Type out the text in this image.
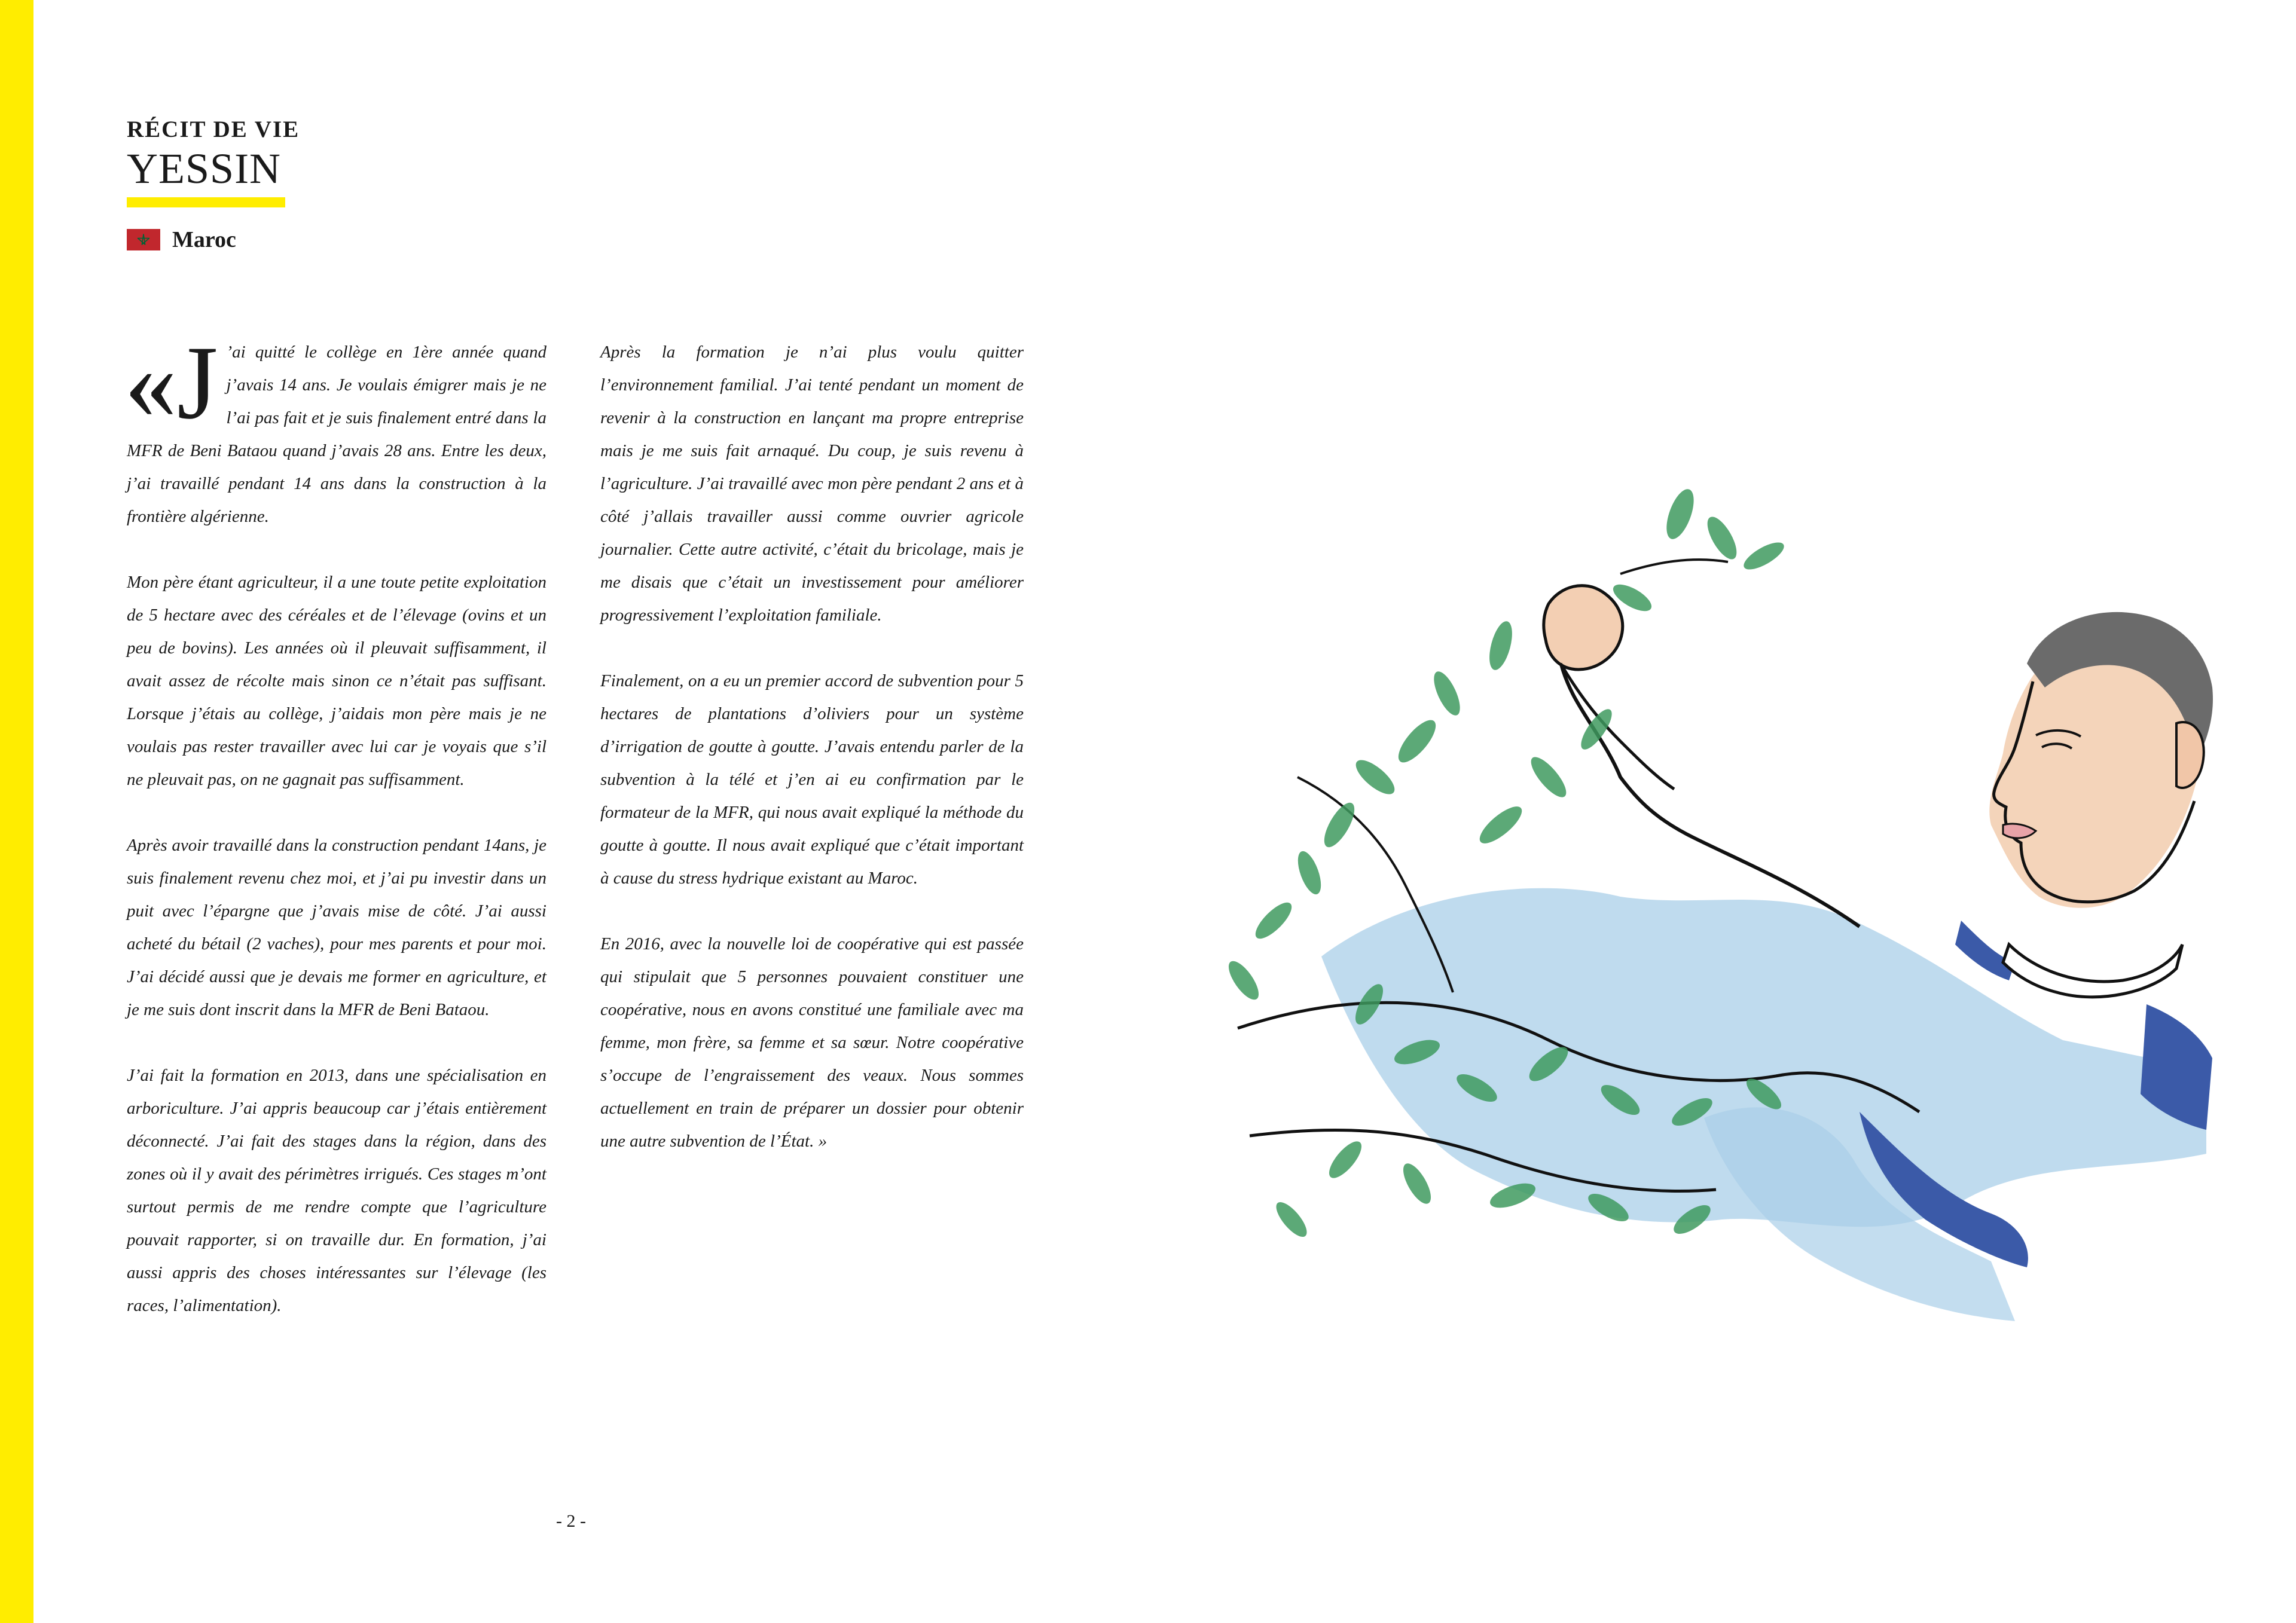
RÉCIT DE VIE

YESSIN
Maroc

«J ’ai quitté le collège en 1ère année quand j’avais 14 ans. Je voulais émigrer mais je ne l’ai pas fait et je suis finalement entré dans la MFR de Beni Bataou quand j’avais 28 ans. Entre les deux, j’ai travaillé pendant 14 ans dans la construction à la frontière algérienne.

Mon père étant agriculteur, il a une toute petite exploitation de 5 hectare avec des céréales et de l’élevage (ovins et un peu de bovins). Les années où il pleuvait suffisamment, il avait assez de récolte mais sinon ce n’était pas suffisant. Lorsque j’étais au collège, j’aidais mon père mais je ne voulais pas rester travailler avec lui car je voyais que s’il ne pleuvait pas, on ne gagnait pas suffisamment.

Après avoir travaillé dans la construction pendant 14ans, je suis finalement revenu chez moi, et j’ai pu investir dans un puit avec l’épargne que j’avais mise de côté. J’ai aussi acheté du bétail (2 vaches), pour mes parents et pour moi. J’ai décidé aussi que je devais me former en agriculture, et je me suis dont inscrit dans la MFR de Beni Bataou.

J’ai fait la formation en 2013, dans une spécialisation en arboriculture. J’ai appris beaucoup car j’étais entièrement déconnecté. J’ai fait des stages dans la région, dans des zones où il y avait des périmètres irrigués. Ces stages m’ont surtout permis de me rendre compte que l’agriculture pouvait rapporter, si on travaille dur. En formation, j’ai aussi appris des choses intéressantes sur l’élevage (les races, l’alimentation).

Après la formation je n’ai plus voulu quitter l’environnement familial. J’ai tenté pendant un moment de revenir à la construction en lançant ma propre entreprise mais je me suis fait arnaqué. Du coup, je suis revenu à l’agriculture. J’ai travaillé avec mon père pendant 2 ans et à côté j’allais travailler aussi comme ouvrier agricole journalier. Cette autre activité, c’était du bricolage, mais je me disais que c’était un investissement pour améliorer progressivement l’exploitation familiale.

Finalement, on a eu un premier accord de subvention pour 5 hectares de plantations d’oliviers pour un système d’irrigation de goutte à goutte. J’avais entendu parler de la subvention à la télé et j’en ai eu confirmation par le formateur de la MFR, qui nous avait expliqué la méthode du goutte à goutte. Il nous avait expliqué que c’était important à cause du stress hydrique existant au Maroc.

En 2016, avec la nouvelle loi de coopérative qui est passée qui stipulait que 5 personnes pouvaient constituer une coopérative, nous en avons constitué une familiale avec ma femme, mon frère, sa femme et sa sœur. Notre coopérative s’occupe de l’engraissement des veaux. Nous sommes actuellement en train de préparer un dossier pour obtenir une autre subvention de l’État. »

- 2 -
